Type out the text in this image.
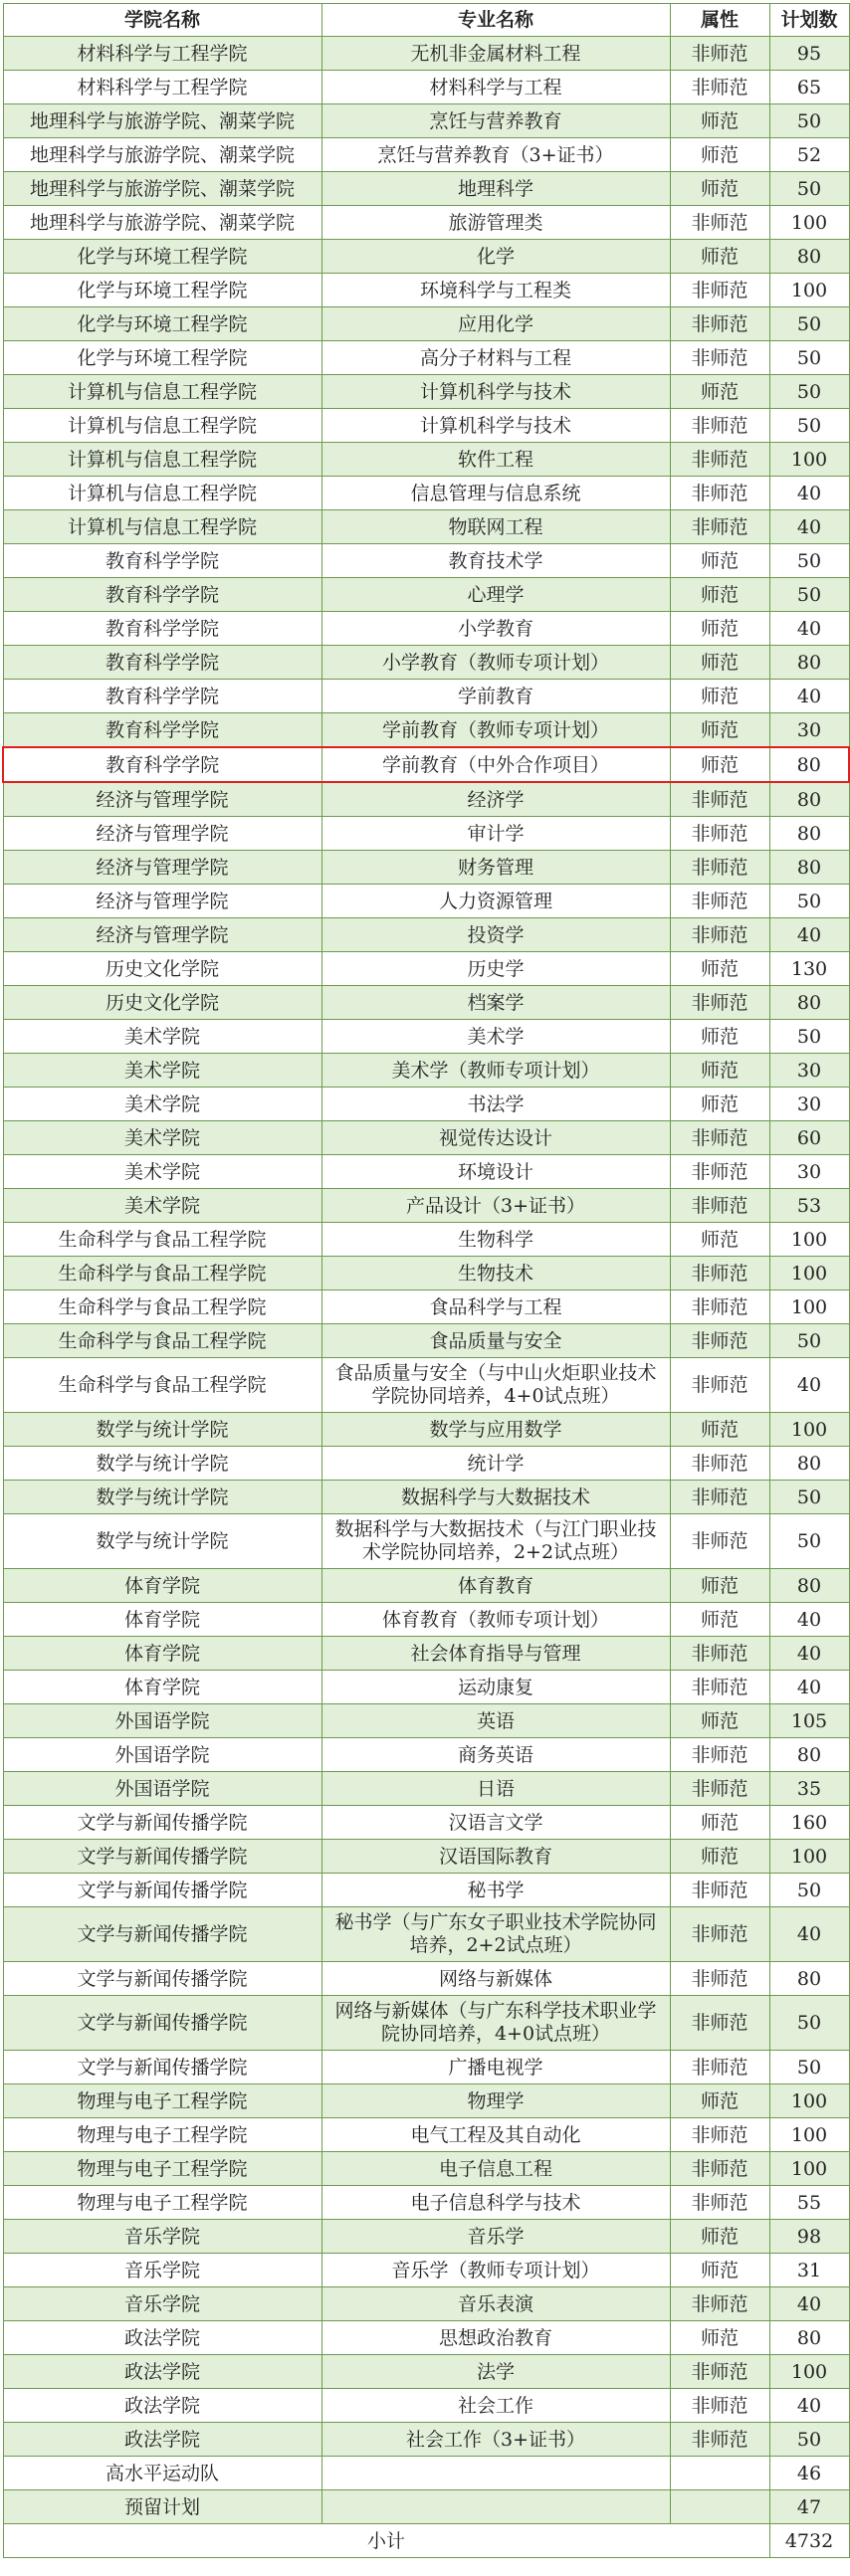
学院名称	专业名称	属性	计划数
材料科学与工程学院	无机非金属材料工程	非师范	95
材料科学与工程学院	材料科学与工程	非师范	65
地理科学与旅游学院、潮菜学院	烹饪与营养教育	师范	50
地理科学与旅游学院、潮菜学院	烹饪与营养教育（3+证书）	师范	52
地理科学与旅游学院、潮菜学院	地理科学	师范	50
地理科学与旅游学院、潮菜学院	旅游管理类	非师范	100
化学与环境工程学院	化学	师范	80
化学与环境工程学院	环境科学与工程类	非师范	100
化学与环境工程学院	应用化学	非师范	50
化学与环境工程学院	高分子材料与工程	非师范	50
计算机与信息工程学院	计算机科学与技术	师范	50
计算机与信息工程学院	计算机科学与技术	非师范	50
计算机与信息工程学院	软件工程	非师范	100
计算机与信息工程学院	信息管理与信息系统	非师范	40
计算机与信息工程学院	物联网工程	非师范	40
教育科学学院	教育技术学	师范	50
教育科学学院	心理学	师范	50
教育科学学院	小学教育	师范	40
教育科学学院	小学教育（教师专项计划）	师范	80
教育科学学院	学前教育	师范	40
教育科学学院	学前教育（教师专项计划）	师范	30
教育科学学院	学前教育（中外合作项目）	师范	80
经济与管理学院	经济学	非师范	80
经济与管理学院	审计学	非师范	80
经济与管理学院	财务管理	非师范	80
经济与管理学院	人力资源管理	非师范	50
经济与管理学院	投资学	非师范	40
历史文化学院	历史学	师范	130
历史文化学院	档案学	非师范	80
美术学院	美术学	师范	50
美术学院	美术学（教师专项计划）	师范	30
美术学院	书法学	师范	30
美术学院	视觉传达设计	非师范	60
美术学院	环境设计	非师范	30
美术学院	产品设计（3+证书）	非师范	53
生命科学与食品工程学院	生物科学	师范	100
生命科学与食品工程学院	生物技术	非师范	100
生命科学与食品工程学院	食品科学与工程	非师范	100
生命科学与食品工程学院	食品质量与安全	非师范	50
生命科学与食品工程学院	食品质量与安全（与中山火炬职业技术学院协同培养，4+0试点班）	非师范	40
数学与统计学院	数学与应用数学	师范	100
数学与统计学院	统计学	非师范	80
数学与统计学院	数据科学与大数据技术	非师范	50
数学与统计学院	数据科学与大数据技术（与江门职业技术学院协同培养，2+2试点班）	非师范	50
体育学院	体育教育	师范	80
体育学院	体育教育（教师专项计划）	师范	40
体育学院	社会体育指导与管理	非师范	40
体育学院	运动康复	非师范	40
外国语学院	英语	师范	105
外国语学院	商务英语	非师范	80
外国语学院	日语	非师范	35
文学与新闻传播学院	汉语言文学	师范	160
文学与新闻传播学院	汉语国际教育	师范	100
文学与新闻传播学院	秘书学	非师范	50
文学与新闻传播学院	秘书学（与广东女子职业技术学院协同培养，2+2试点班）	非师范	40
文学与新闻传播学院	网络与新媒体	非师范	80
文学与新闻传播学院	网络与新媒体（与广东科学技术职业学院协同培养，4+0试点班）	非师范	50
文学与新闻传播学院	广播电视学	非师范	50
物理与电子工程学院	物理学	师范	100
物理与电子工程学院	电气工程及其自动化	非师范	100
物理与电子工程学院	电子信息工程	非师范	100
物理与电子工程学院	电子信息科学与技术	非师范	55
音乐学院	音乐学	师范	98
音乐学院	音乐学（教师专项计划）	师范	31
音乐学院	音乐表演	非师范	40
政法学院	思想政治教育	师范	80
政法学院	法学	非师范	100
政法学院	社会工作	非师范	40
政法学院	社会工作（3+证书）	非师范	50
高水平运动队			46
预留计划			47
小计			4732
